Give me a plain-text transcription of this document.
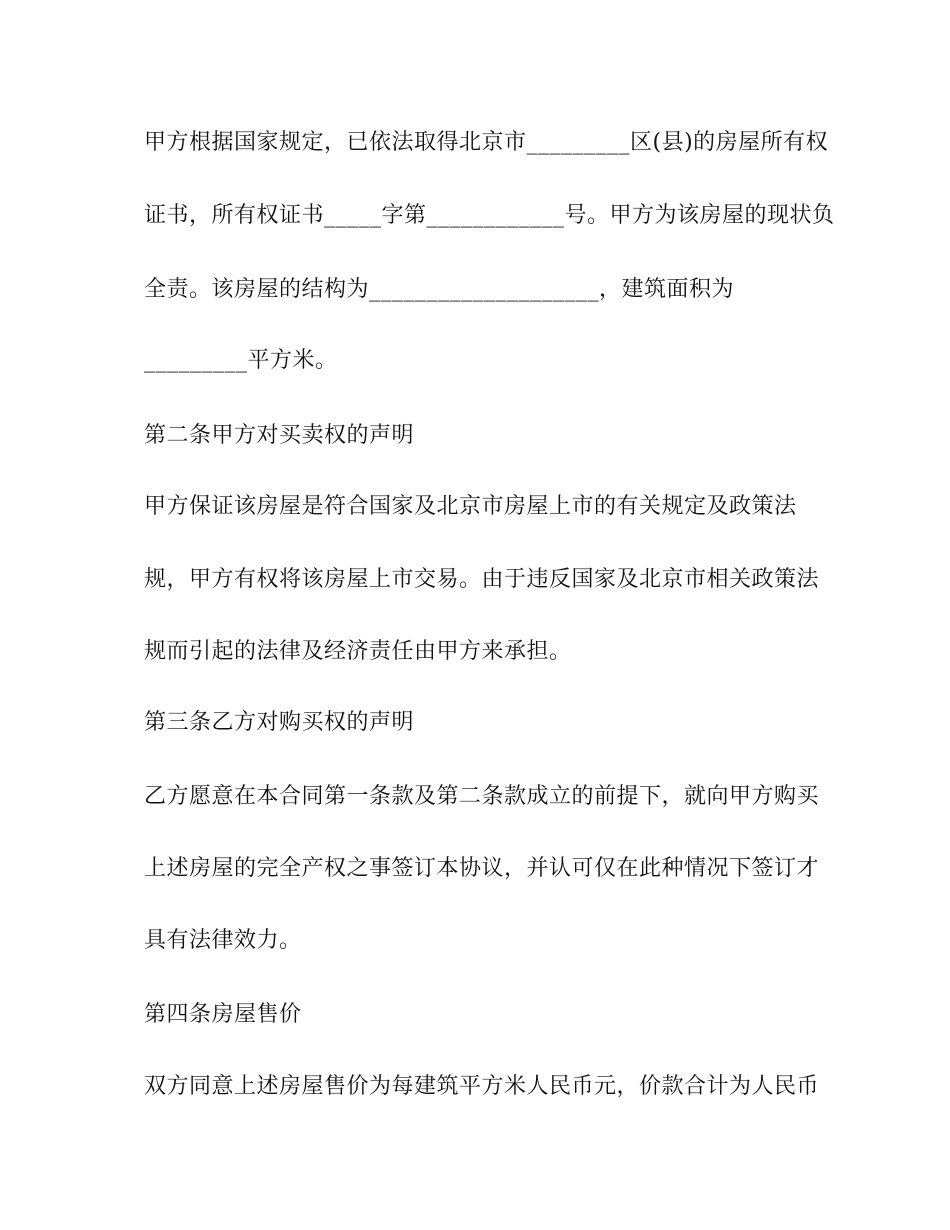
甲方根据国家规定，已依法取得北京市_________区(县)的房屋所有权
证书，所有权证书_____字第____________号。甲方为该房屋的现状负
全责。该房屋的结构为____________________，建筑面积为
_________平方米。
第二条甲方对买卖权的声明
甲方保证该房屋是符合国家及北京市房屋上市的有关规定及政策法
规，甲方有权将该房屋上市交易。由于违反国家及北京市相关政策法
规而引起的法律及经济责任由甲方来承担。
第三条乙方对购买权的声明
乙方愿意在本合同第一条款及第二条款成立的前提下，就向甲方购买
上述房屋的完全产权之事签订本协议，并认可仅在此种情况下签订才
具有法律效力。
第四条房屋售价
双方同意上述房屋售价为每建筑平方米人民币元，价款合计为人民币
